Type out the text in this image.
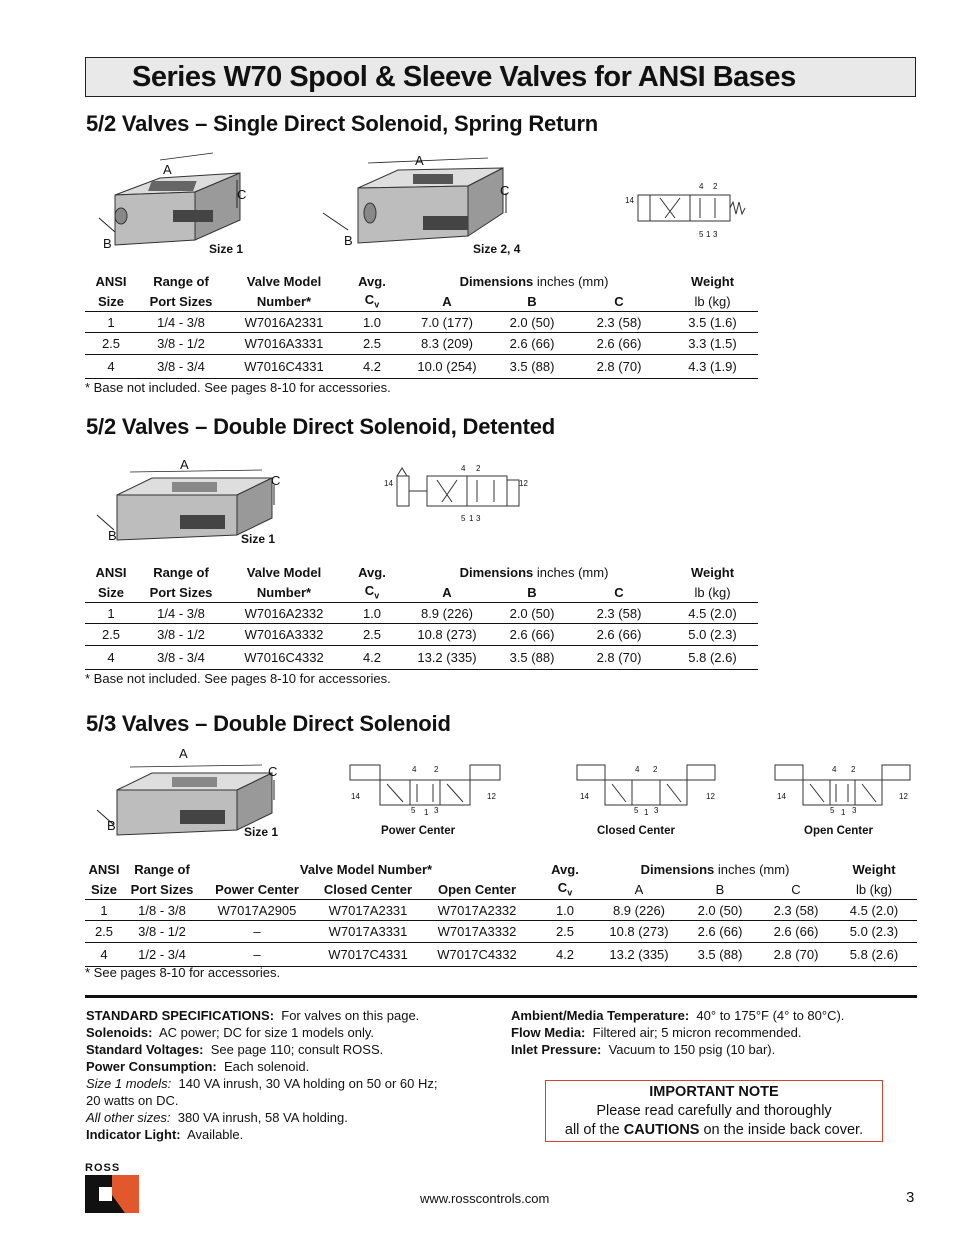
Series W70 Spool & Sleeve Valves for ANSI Bases
5/2 Valves – Single Direct Solenoid, Spring Return
A
B
C
Size 1
A
B
C
Size 2, 4
14
4 2
5 1 3
ANSI	Range of	Valve Model	Avg.	Dimensions inches (mm)			Weight
Size	Port Sizes	Number*	$C_v$	A	B	C	lb (kg)
1	1/4 - 3/8	W7016A2331	1.0	7.0 (177)	2.0 (50)	2.3 (58)	3.5 (1.6)
2.5	3/8 - 1/2	W7016A3331	2.5	8.3 (209)	2.6 (66)	2.6 (66)	3.3 (1.5)
4	3/8 - 3/4	W7016C4331	4.2	10.0 (254)	3.5 (88)	2.8 (70)	4.3 (1.9)
* Base not included. See pages 8-10 for accessories.
5/2 Valves – Double Direct Solenoid, Detented
A
B
C
Size 1
14	12
4 2
5 1 3
ANSI	Range of	Valve Model	Avg.	Dimensions inches (mm)			Weight
Size	Port Sizes	Number*	$C_v$	A	B	C	lb (kg)
1	1/4 - 3/8	W7016A2332	1.0	8.9 (226)	2.0 (50)	2.3 (58)	4.5 (2.0)
2.5	3/8 - 1/2	W7016A3332	2.5	10.8 (273)	2.6 (66)	2.6 (66)	5.0 (2.3)
4	3/8 - 3/4	W7016C4332	4.2	13.2 (335)	3.5 (88)	2.8 (70)	5.8 (2.6)
* Base not included. See pages 8-10 for accessories.
5/3 Valves – Double Direct Solenoid
A
B
C
Size 1
14	12
4 2
5 1 3
Power Center
14	12
4 2
5 1 3
Closed Center
14	12
4 2
5 1 3
Open Center
ANSI	Range of	Valve Model Number*			Avg.	Dimensions inches (mm)			Weight
Size	Port Sizes	Power Center	Closed Center	Open Center	$C_v$	A	B	C	lb (kg)
1	1/8 - 3/8	W7017A2905	W7017A2331	W7017A2332	1.0	8.9 (226)	2.0 (50)	2.3 (58)	4.5 (2.0)
2.5	3/8 - 1/2	–	W7017A3331	W7017A3332	2.5	10.8 (273)	2.6 (66)	2.6 (66)	5.0 (2.3)
4	1/2 - 3/4	–	W7017C4331	W7017C4332	4.2	13.2 (335)	3.5 (88)	2.8 (70)	5.8 (2.6)
* See pages 8-10 for accessories.
STANDARD SPECIFICATIONS: For valves on this page.
Solenoids: AC power; DC for size 1 models only.
Standard Voltages: See page 110; consult ROSS.
Power Consumption: Each solenoid.
Size 1 models: 140 VA inrush, 30 VA holding on 50 or 60 Hz;
20 watts on DC.
All other sizes: 380 VA inrush, 58 VA holding.
Indicator Light: Available.
Ambient/Media Temperature: 40° to 175°F (4° to 80°C).
Flow Media: Filtered air; 5 micron recommended.
Inlet Pressure: Vacuum to 150 psig (10 bar).
IMPORTANT NOTE
Please read carefully and thoroughly
all of the CAUTIONS on the inside back cover.
ROSS
www.rosscontrols.com	3
